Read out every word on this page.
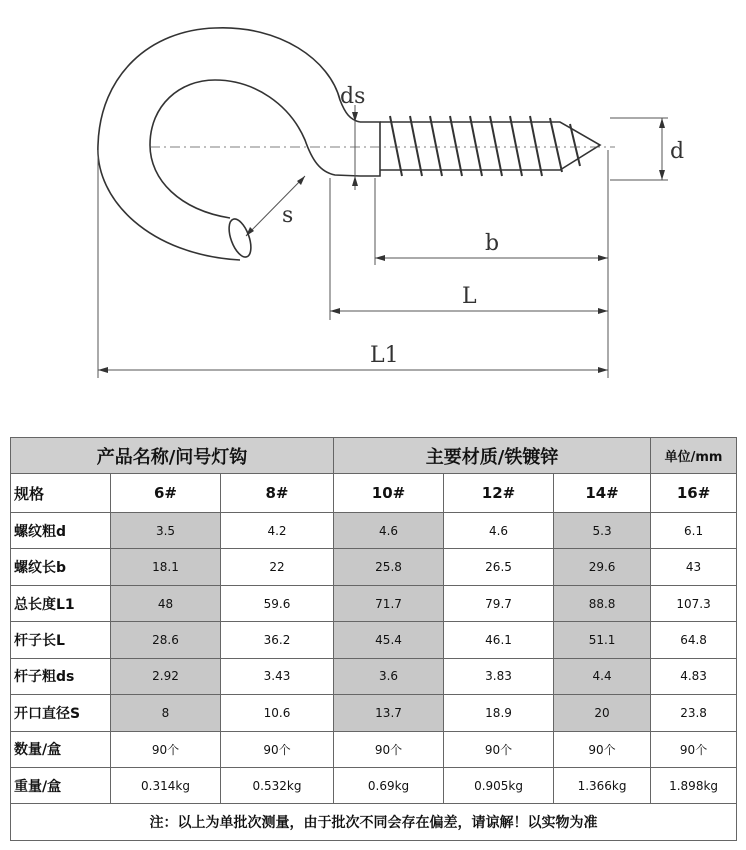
ds
d
s
b
L
L1
产品名称/问号灯钩			主要材质/铁镀锌			单位/mm
规格	6#	8#	10#	12#	14#	16#
螺纹粗d	3.5	4.2	4.6	4.6	5.3	6.1
螺纹长b	18.1	22	25.8	26.5	29.6	43
总长度L1	48	59.6	71.7	79.7	88.8	107.3
杆子长L	28.6	36.2	45.4	46.1	51.1	64.8
杆子粗ds	2.92	3.43	3.6	3.83	4.4	4.83
开口直径S	8	10.6	13.7	18.9	20	23.8
数量/盒	90个	90个	90个	90个	90个	90个
重量/盒	0.314kg	0.532kg	0.69kg	0.905kg	1.366kg	1.898kg
注：以上为单批次测量，由于批次不同会存在偏差，请谅解！以实物为准						
